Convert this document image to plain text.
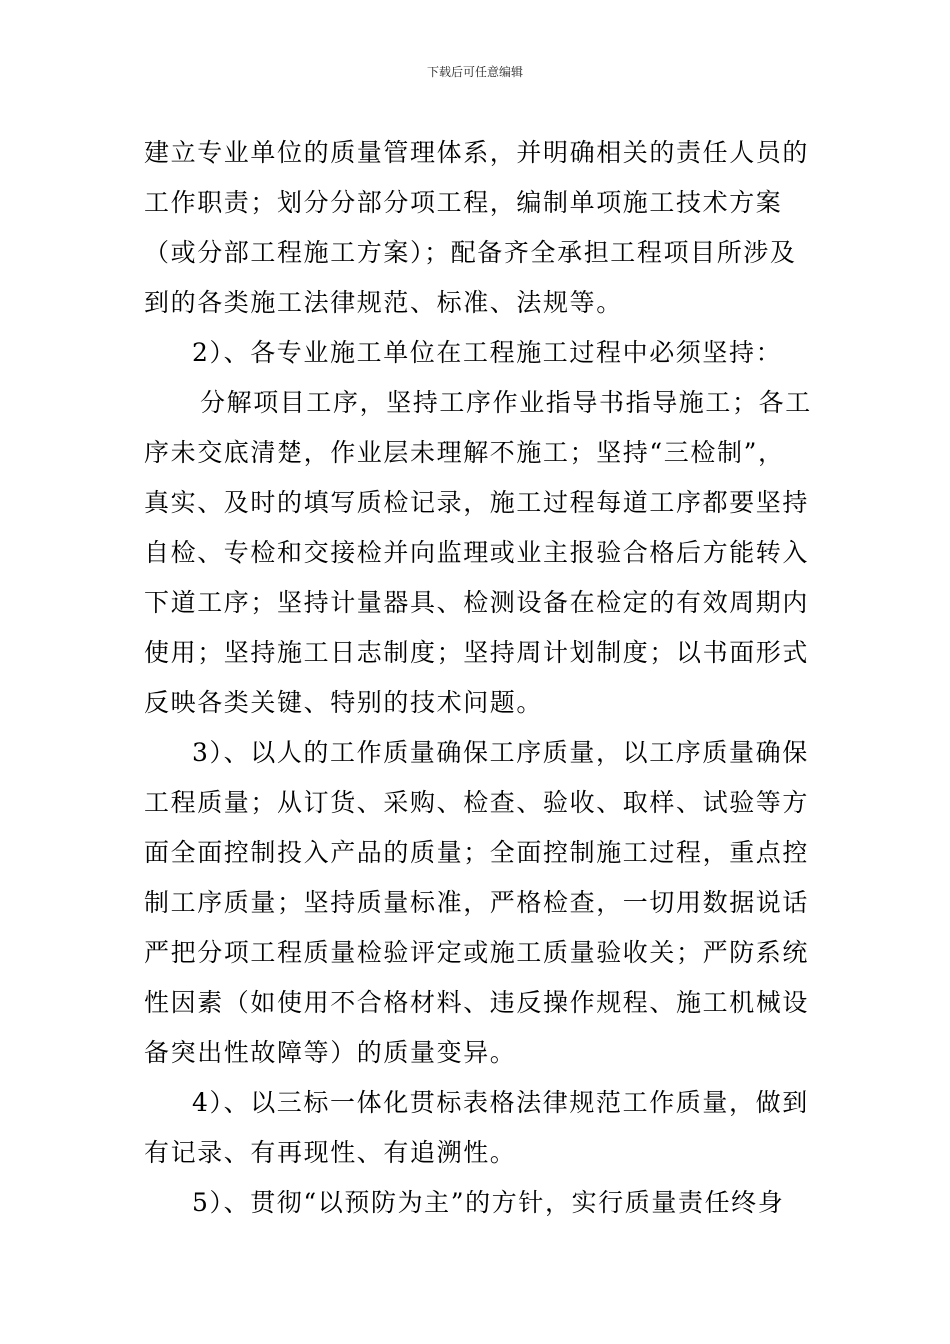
下载后可任意编辑
建立专业单位的质量管理体系，并明确相关的责任人员的
工作职责；划分分部分项工程，编制单项施工技术方案
（或分部工程施工方案）；配备齐全承担工程项目所涉及
到的各类施工法律规范、标准、法规等。
2）、各专业施工单位在工程施工过程中必须坚持：
分解项目工序，坚持工序作业指导书指导施工；各工
序未交底清楚，作业层未理解不施工；坚持“三检制”，
真实、及时的填写质检记录，施工过程每道工序都要坚持
自检、专检和交接检并向监理或业主报验合格后方能转入
下道工序；坚持计量器具、检测设备在检定的有效周期内
使用；坚持施工日志制度；坚持周计划制度；以书面形式
反映各类关键、特别的技术问题。
3）、以人的工作质量确保工序质量，以工序质量确保
工程质量；从订货、采购、检查、验收、取样、试验等方
面全面控制投入产品的质量；全面控制施工过程，重点控
制工序质量；坚持质量标准，严格检查，一切用数据说话
严把分项工程质量检验评定或施工质量验收关；严防系统
性因素（如使用不合格材料、违反操作规程、施工机械设
备突出性故障等）的质量变异。
4）、以三标一体化贯标表格法律规范工作质量，做到
有记录、有再现性、有追溯性。
5）、贯彻“以预防为主”的方针，实行质量责任终身
